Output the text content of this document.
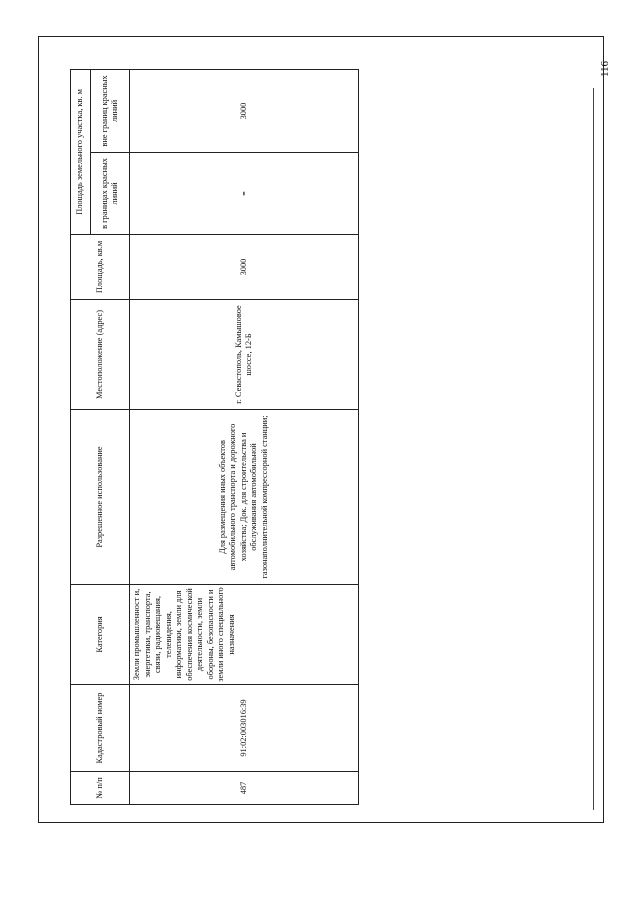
116
№ п/п	Кадастровый номер	Категория	Разрешенное использование	Местоположение (адрес)	Площадь, кв.м	Площадь земельного участка, кв. м	
						в границах красных линий	вне границ красных линий
487	91:02:003016:39	Земли промышленност и, энергетики, транспорта, связи, радиовещания, телевидения, информатики, земли для обеспечения космической деятельности, земли обороны, безопасности и земли иного специального назначения	Для размещения иных объектов автомобильного транспорта и дорожного хозяйства; Док. для строительства и обслуживания автомобильной газонаполнительной компрессорной станции;	г. Севастополь, Камышовое шоссе, 12-Б	3000	-	3000
